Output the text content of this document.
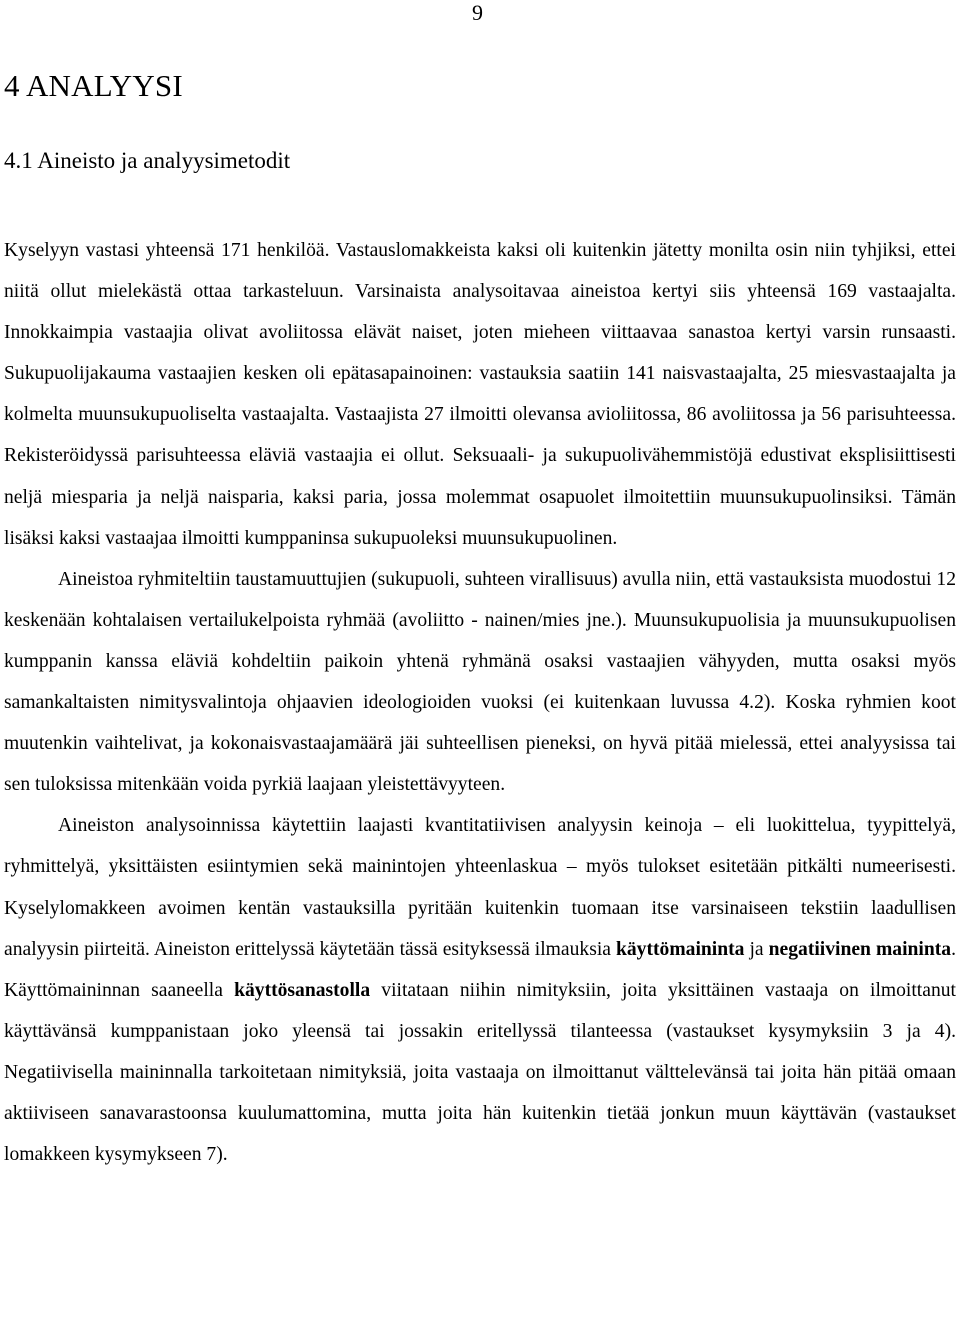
9
4 ANALYYSI
4.1 Aineisto ja analyysimetodit

Kyselyyn vastasi yhteensä 171 henkilöä. Vastauslomakkeista kaksi oli kuitenkin jätetty monilta osin niin tyhjiksi, ettei niitä ollut mielekästä ottaa tarkasteluun. Varsinaista analysoitavaa aineistoa kertyi siis yhteensä 169 vastaajalta. Innokkaimpia vastaajia olivat avoliitossa elävät naiset, joten mieheen viittaavaa sanastoa kertyi varsin runsaasti. Sukupuolijakauma vastaajien kesken oli epätasapainoinen: vastauksia saatiin 141 naisvastaajalta, 25 miesvastaajalta ja kolmelta muunsukupuoliselta vastaajalta. Vastaajista 27 ilmoitti olevansa avioliitossa, 86 avoliitossa ja 56 parisuhteessa. Rekisteröidyssä parisuhteessa eläviä vastaajia ei ollut. Seksuaali- ja sukupuolivähemmistöjä edustivat eksplisiittisesti neljä miesparia ja neljä naisparia, kaksi paria, jossa molemmat osapuolet ilmoitettiin muunsukupuolinsiksi. Tämän lisäksi kaksi vastaajaa ilmoitti kumppaninsa sukupuoleksi muunsukupuolinen.

Aineistoa ryhmiteltiin taustamuuttujien (sukupuoli, suhteen virallisuus) avulla niin, että vastauksista muodostui 12 keskenään kohtalaisen vertailukelpoista ryhmää (avoliitto - nainen/mies jne.). Muunsukupuolisia ja muunsukupuolisen kumppanin kanssa eläviä kohdeltiin paikoin yhtenä ryhmänä osaksi vastaajien vähyyden, mutta osaksi myös samankaltaisten nimitysvalintoja ohjaavien ideologioiden vuoksi (ei kuitenkaan luvussa 4.2). Koska ryhmien koot muutenkin vaihtelivat, ja kokonaisvastaajamäärä jäi suhteellisen pieneksi, on hyvä pitää mielessä, ettei analyysissa tai sen tuloksissa mitenkään voida pyrkiä laajaan yleistettävyyteen.

Aineiston analysoinnissa käytettiin laajasti kvantitatiivisen analyysin keinoja – eli luokittelua, tyypittelyä, ryhmittelyä, yksittäisten esiintymien sekä mainintojen yhteenlaskua – myös tulokset esitetään pitkälti numeerisesti. Kyselylomakkeen avoimen kentän vastauksilla pyritään kuitenkin tuomaan itse varsinaiseen tekstiin laadullisen analyysin piirteitä. Aineiston erittelyssä käytetään tässä esityksessä ilmauksia käyttömaininta ja negatiivinen maininta. Käyttömaininnan saaneella käyttösanastolla viitataan niihin nimityksiin, joita yksittäinen vastaaja on ilmoittanut käyttävänsä kumppanistaan joko yleensä tai jossakin eritellyssä tilanteessa (vastaukset kysymyksiin 3 ja 4). Negatiivisella maininnalla tarkoitetaan nimityksiä, joita vastaaja on ilmoittanut välttelevänsä tai joita hän pitää omaan aktiiviseen sanavarastoonsa kuulumattomina, mutta joita hän kuitenkin tietää jonkun muun käyttävän (vastaukset lomakkeen kysymykseen 7).
